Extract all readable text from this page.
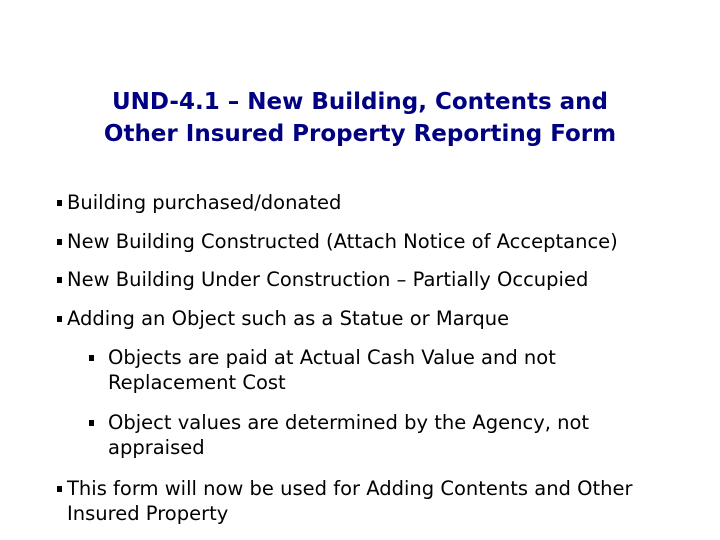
UND-4.1 – New Building, Contents and
Other Insured Property Reporting Form
Building purchased/donated
New Building Constructed (Attach Notice of Acceptance)
New Building Under Construction – Partially Occupied
Adding an Object such as a Statue or Marque
Objects are paid at Actual Cash Value and not Replacement Cost
Object values are determined by the Agency, not appraised
This form will now be used for Adding Contents and Other Insured Property
